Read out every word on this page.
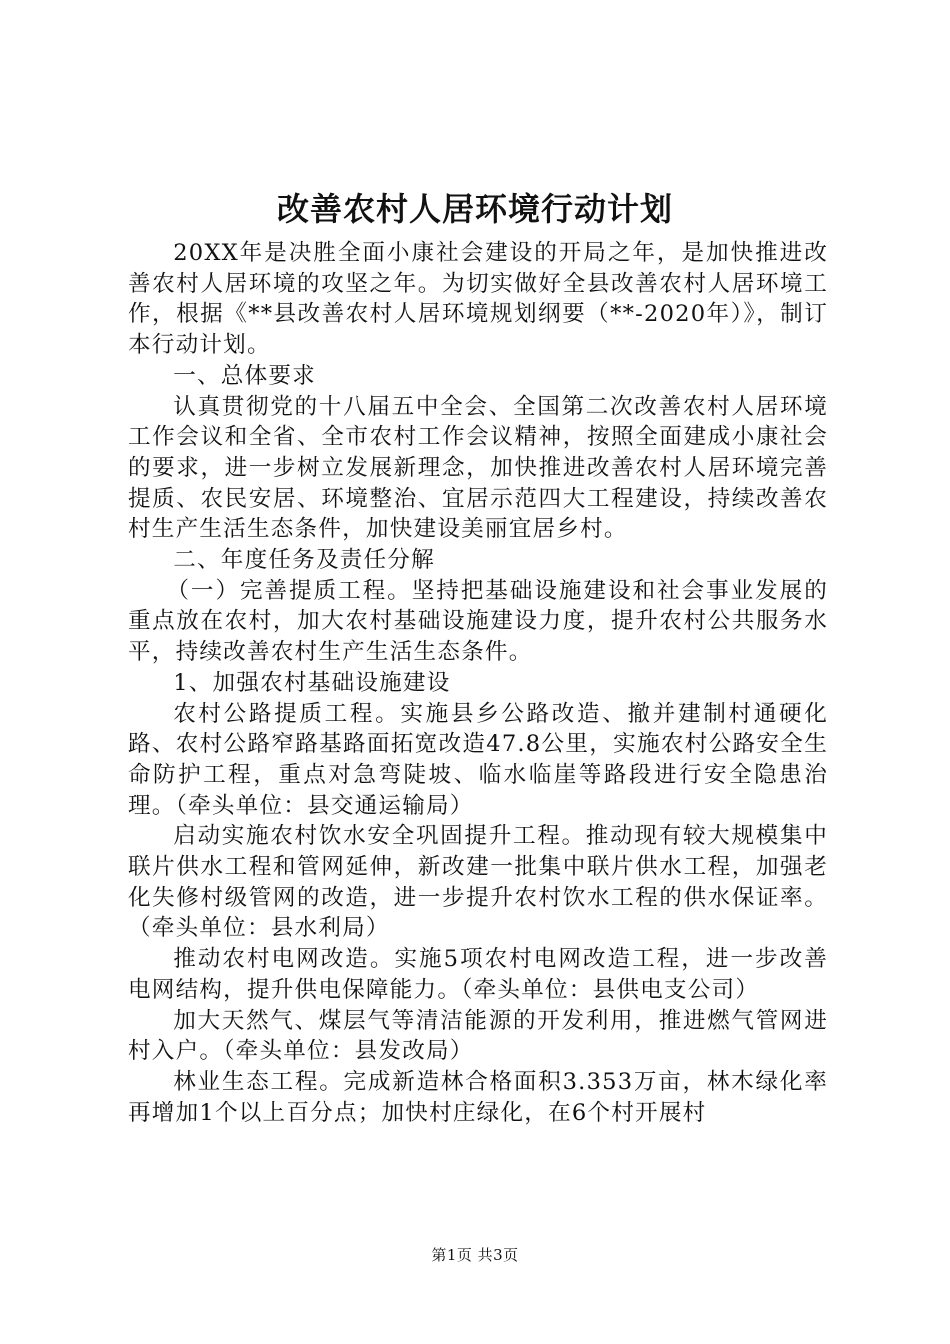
改善农村人居环境行动计划

20XX年是决胜全面小康社会建设的开局之年，是加快推进改善农村人居环境的攻坚之年。为切实做好全县改善农村人居环境工作，根据《**县改善农村人居环境规划纲要（**-2020年）》，制订本行动计划。

一、总体要求

认真贯彻党的十八届五中全会、全国第二次改善农村人居环境工作会议和全省、全市农村工作会议精神，按照全面建成小康社会的要求，进一步树立发展新理念，加快推进改善农村人居环境完善提质、农民安居、环境整治、宜居示范四大工程建设，持续改善农村生产生活生态条件，加快建设美丽宜居乡村。

二、年度任务及责任分解

（一）完善提质工程。坚持把基础设施建设和社会事业发展的重点放在农村，加大农村基础设施建设力度，提升农村公共服务水平，持续改善农村生产生活生态条件。

1、加强农村基础设施建设

农村公路提质工程。实施县乡公路改造、撤并建制村通硬化路、农村公路窄路基路面拓宽改造47.8公里，实施农村公路安全生命防护工程，重点对急弯陡坡、临水临崖等路段进行安全隐患治理。（牵头单位：县交通运输局）

启动实施农村饮水安全巩固提升工程。推动现有较大规模集中联片供水工程和管网延伸，新改建一批集中联片供水工程，加强老化失修村级管网的改造，进一步提升农村饮水工程的供水保证率。（牵头单位：县水利局）

推动农村电网改造。实施5项农村电网改造工程，进一步改善电网结构，提升供电保障能力。（牵头单位：县供电支公司）

加大天然气、煤层气等清洁能源的开发利用，推进燃气管网进村入户。（牵头单位：县发改局）

林业生态工程。完成新造林合格面积3.353万亩，林木绿化率再增加1个以上百分点；加快村庄绿化，在6个村开展村

第1页 共3页
